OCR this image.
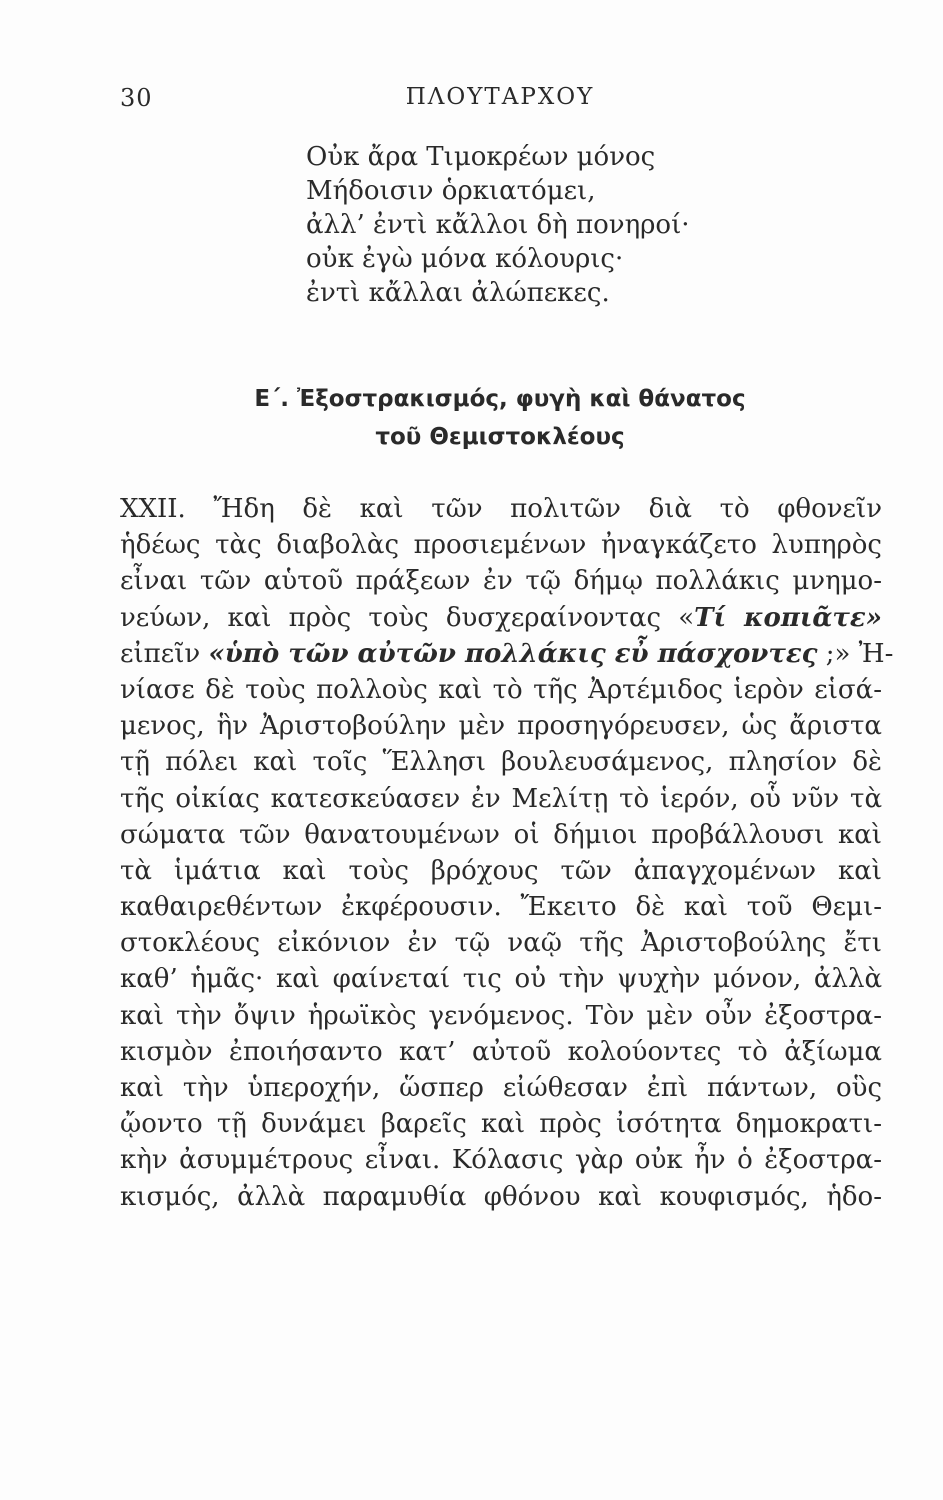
30	ΠΛΟΥΤΑΡΧΟΥ
Οὐκ ἄρα Τιμοκρέων μόνος
Μήδοισιν ὁρκιατόμει,
ἀλλ’ ἐντὶ κἄλλοι δὴ πονηροί·
οὐκ ἐγὼ μόνα κόλουρις·
ἐντὶ κἄλλαι ἀλώπεκες.
Ε΄. Ἐξοστρακισμός, φυγὴ καὶ θάνατος
τοῦ Θεμιστοκλέους
XXII. Ἤδη δὲ καὶ τῶν πολιτῶν διὰ τὸ φθονεῖν
ἡδέως τὰς διαβολὰς προσιεμένων ἠναγκάζετο λυπηρὸς
εἶναι τῶν αὑτοῦ πράξεων ἐν τῷ δήμῳ πολλάκις μνημο-
νεύων, καὶ πρὸς τοὺς δυσχεραίνοντας «Τί κοπιᾶτε»
εἰπεῖν «ὑπὸ τῶν αὐτῶν πολλάκις εὖ πάσχοντες ;» Ἠ-
νίασε δὲ τοὺς πολλοὺς καὶ τὸ τῆς Ἀρτέμιδος ἱερὸν εἱσά-
μενος, ἣν Ἀριστοβούλην μὲν προσηγόρευσεν, ὡς ἄριστα
τῇ πόλει καὶ τοῖς Ἕλλησι βουλευσάμενος, πλησίον δὲ
τῆς οἰκίας κατεσκεύασεν ἐν Μελίτῃ τὸ ἱερόν, οὗ νῦν τὰ
σώματα τῶν θανατουμένων οἱ δήμιοι προβάλλουσι καὶ
τὰ ἱμάτια καὶ τοὺς βρόχους τῶν ἀπαγχομένων καὶ
καθαιρεθέντων ἐκφέρουσιν. Ἔκειτο δὲ καὶ τοῦ Θεμι-
στοκλέους εἰκόνιον ἐν τῷ ναῷ τῆς Ἀριστοβούλης ἔτι
καθ’ ἡμᾶς· καὶ φαίνεταί τις οὐ τὴν ψυχὴν μόνον, ἀλλὰ
καὶ τὴν ὄψιν ἡρωϊκὸς γενόμενος. Τὸν μὲν οὖν ἐξοστρα-
κισμὸν ἐποιήσαντο κατ’ αὐτοῦ κολούοντες τὸ ἀξίωμα
καὶ τὴν ὑπεροχήν, ὥσπερ εἰώθεσαν ἐπὶ πάντων, οὓς
ᾤοντο τῇ δυνάμει βαρεῖς καὶ πρὸς ἰσότητα δημοκρατι-
κὴν ἀσυμμέτρους εἶναι. Κόλασις γὰρ οὐκ ἦν ὁ ἐξοστρα-
κισμός, ἀλλὰ παραμυθία φθόνου καὶ κουφισμός, ἡδο-
